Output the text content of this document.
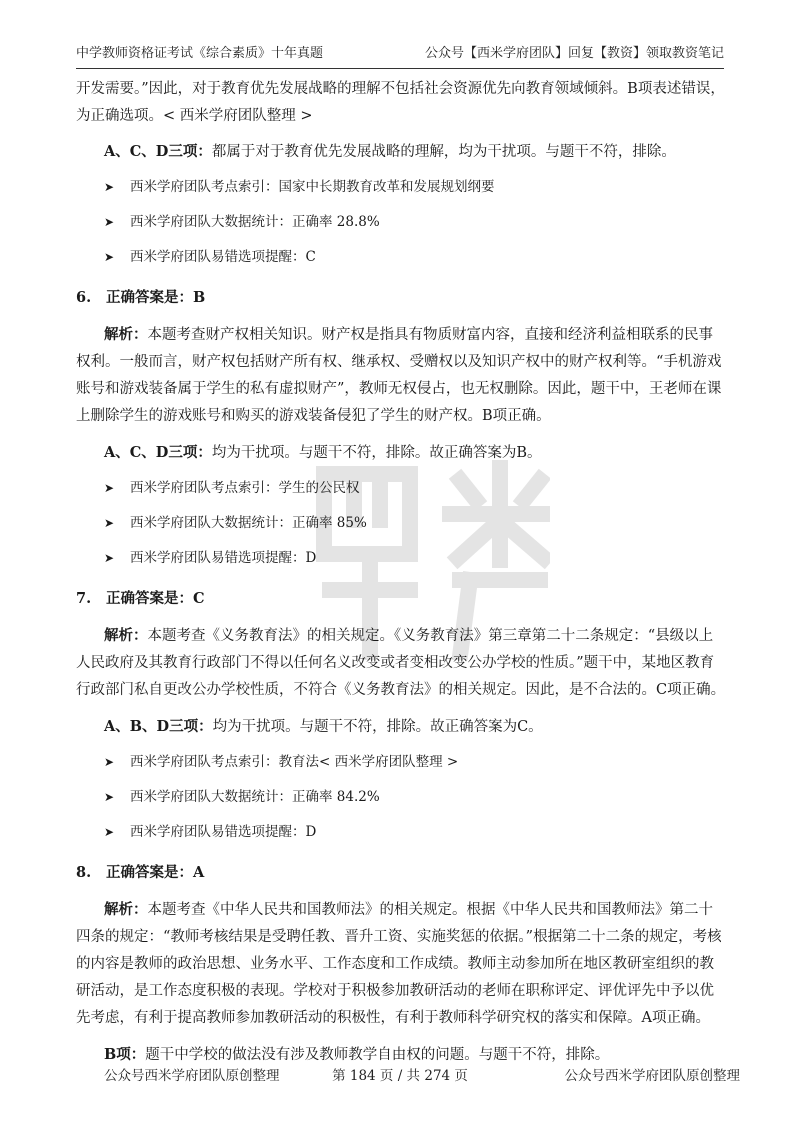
中学教师资格证考试《综合素质》十年真题	公众号【西米学府团队】回复【教资】领取教资笔记

开发需要。”因此，对于教育优先发展战略的理解不包括社会资源优先向教育领域倾斜。B项表述错误，为正确选项。< 西米学府团队整理 >

A、C、D三项：都属于对于教育优先发展战略的理解，均为干扰项。与题干不符，排除。

➤ 西米学府团队考点索引：国家中长期教育改革和发展规划纲要
➤ 西米学府团队大数据统计：正确率 28.8%
➤ 西米学府团队易错选项提醒：C
6. 正确答案是：B

解析：本题考查财产权相关知识。财产权是指具有物质财富内容，直接和经济利益相联系的民事权利。一般而言，财产权包括财产所有权、继承权、受赠权以及知识产权中的财产权利等。“手机游戏账号和游戏装备属于学生的私有虚拟财产”，教师无权侵占，也无权删除。因此，题干中，王老师在课上删除学生的游戏账号和购买的游戏装备侵犯了学生的财产权。B项正确。

A、C、D三项：均为干扰项。与题干不符，排除。故正确答案为B。

➤ 西米学府团队考点索引：学生的公民权
➤ 西米学府团队大数据统计：正确率 85%
➤ 西米学府团队易错选项提醒：D
7. 正确答案是：C

解析：本题考查《义务教育法》的相关规定。《义务教育法》第三章第二十二条规定：“县级以上人民政府及其教育行政部门不得以任何名义改变或者变相改变公办学校的性质。”题干中，某地区教育行政部门私自更改公办学校性质，不符合《义务教育法》的相关规定。因此，是不合法的。C项正确。

A、B、D三项：均为干扰项。与题干不符，排除。故正确答案为C。

➤ 西米学府团队考点索引：教育法< 西米学府团队整理 >
➤ 西米学府团队大数据统计：正确率 84.2%
➤ 西米学府团队易错选项提醒：D
8. 正确答案是：A

解析：本题考查《中华人民共和国教师法》的相关规定。根据《中华人民共和国教师法》第二十四条的规定：“教师考核结果是受聘任教、晋升工资、实施奖惩的依据。”根据第二十二条的规定，考核的内容是教师的政治思想、业务水平、工作态度和工作成绩。教师主动参加所在地区教研室组织的教研活动，是工作态度积极的表现。学校对于积极参加教研活动的老师在职称评定、评优评先中予以优先考虑，有利于提高教师参加教研活动的积极性，有利于教师科学研究权的落实和保障。A项正确。

B项：题干中学校的做法没有涉及教师教学自由权的问题。与题干不符，排除。

第 184 页 / 共 274 页
公众号西米学府团队原创整理	公众号西米学府团队原创整理
